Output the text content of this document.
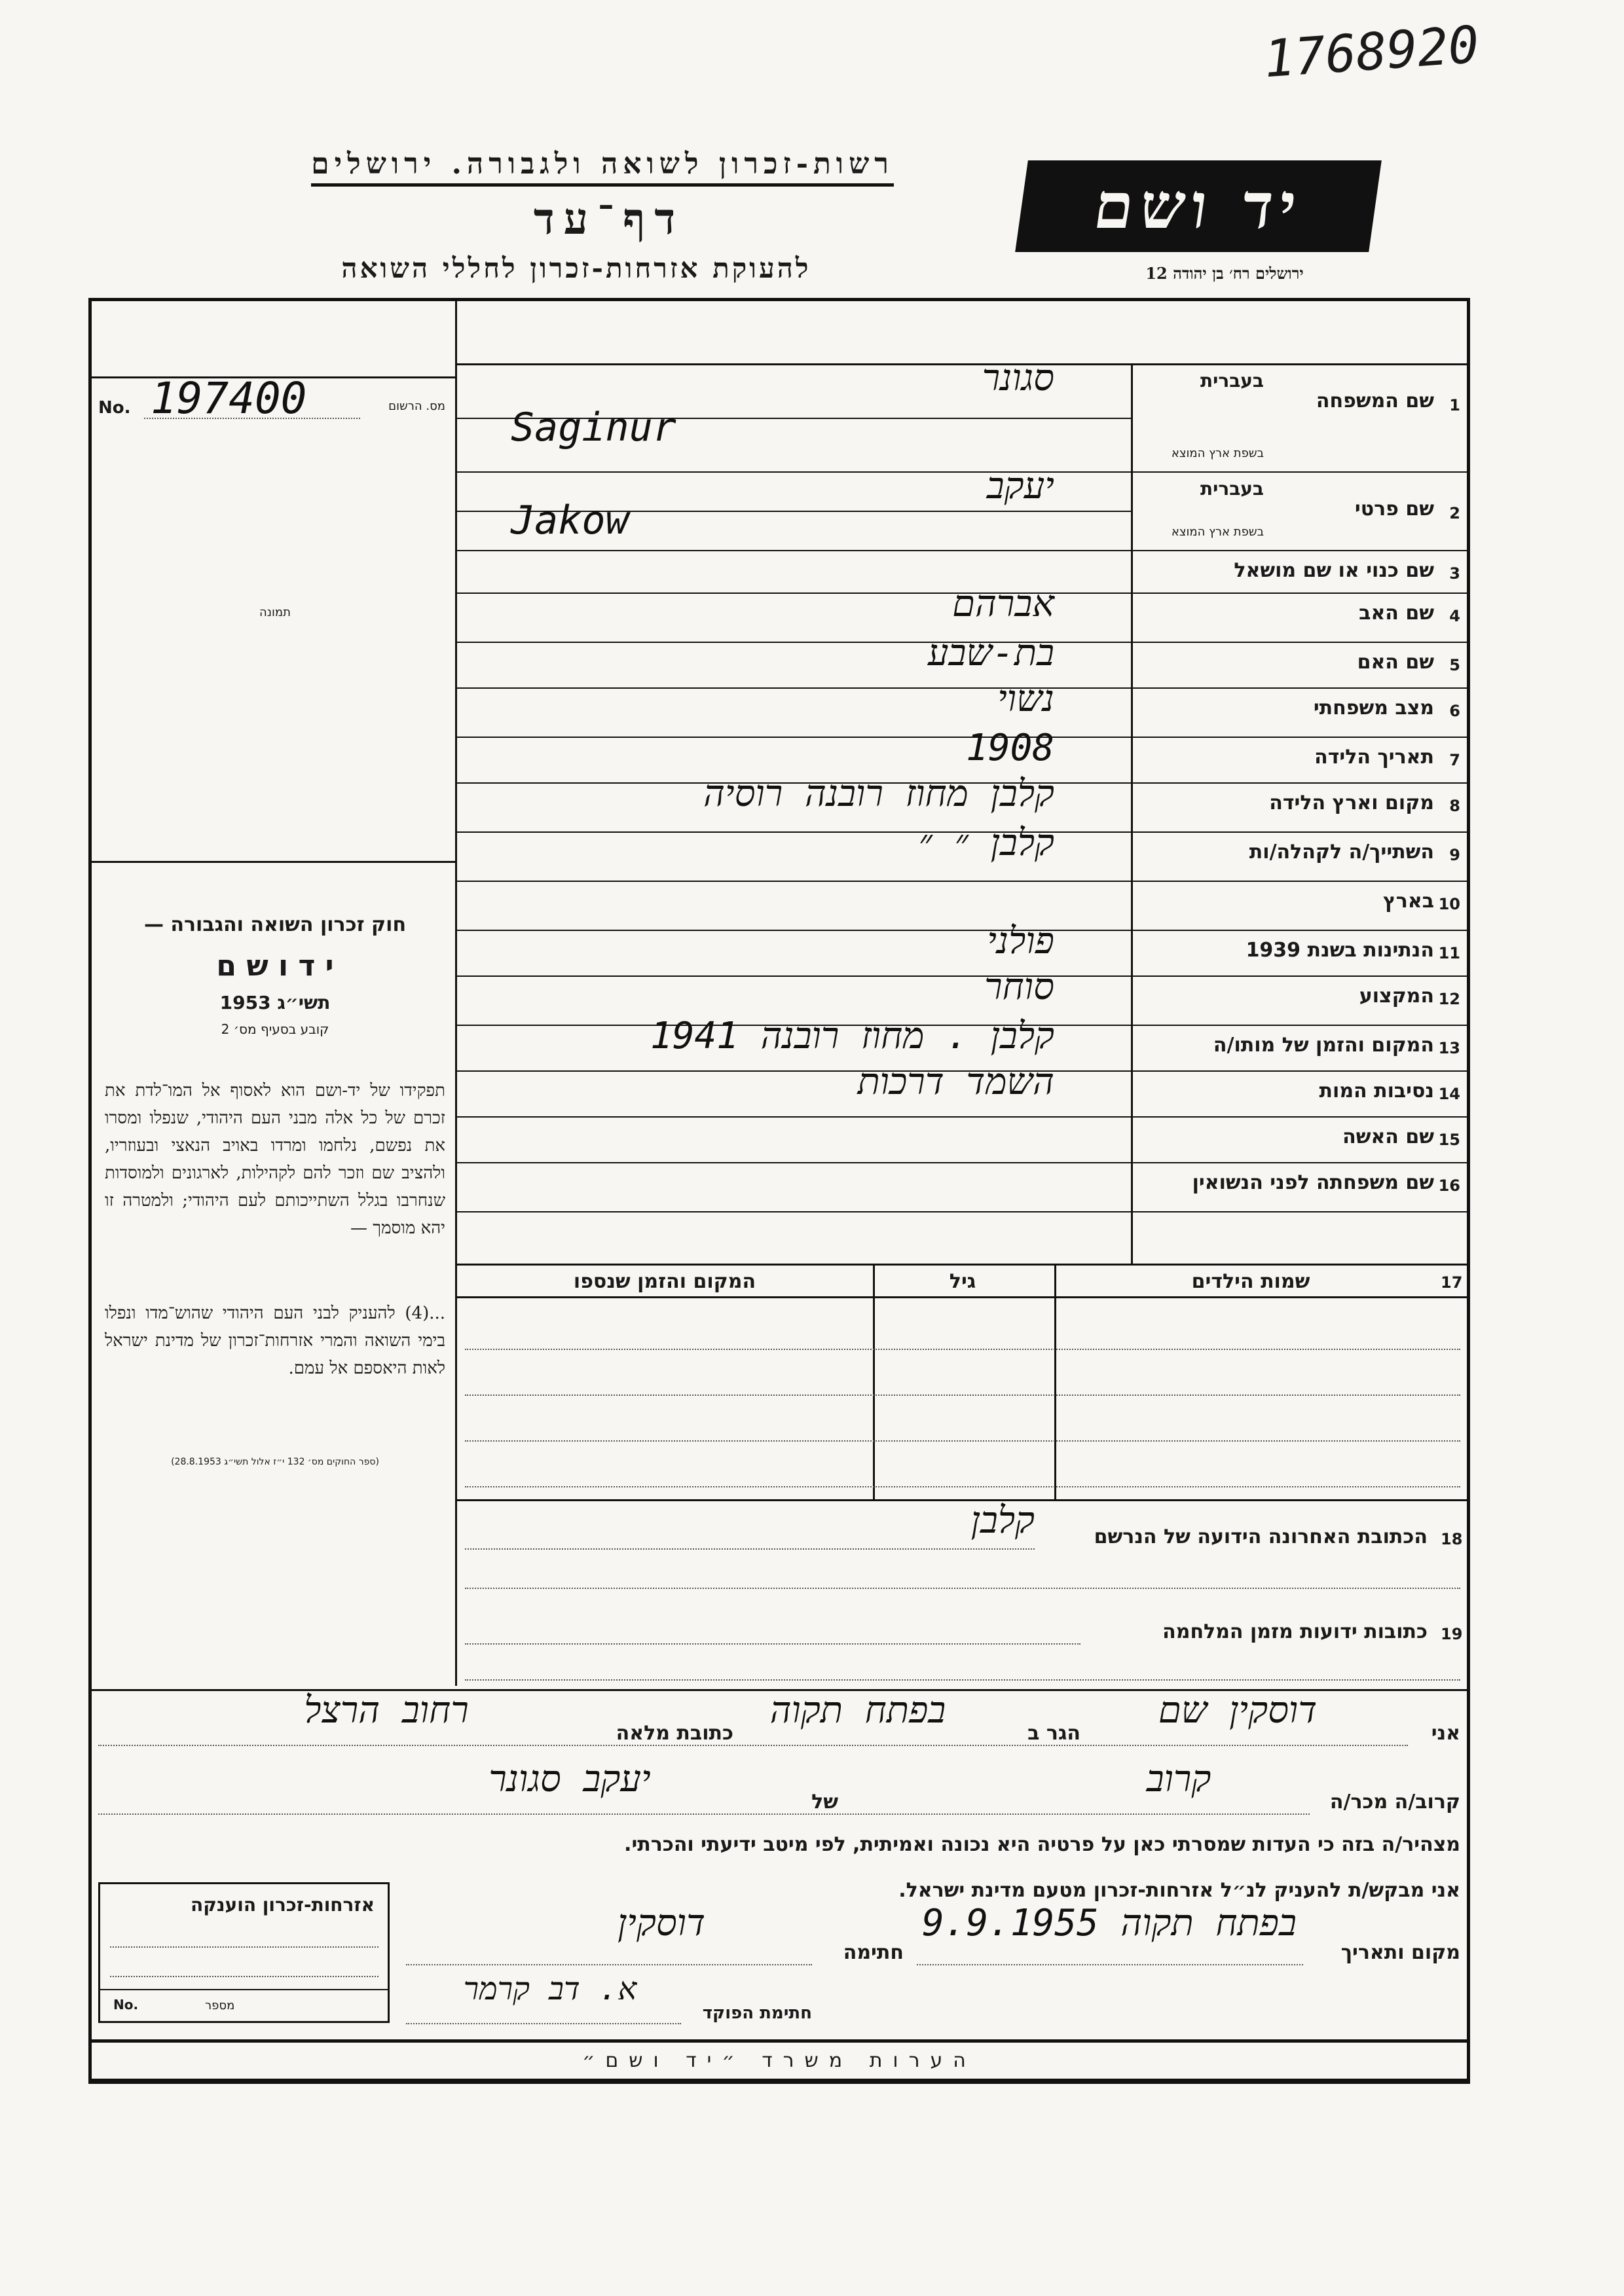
1768920
רשות-זכרון לשואה ולגבורה. ירושלים
דף־עד
להעוקת אזרחות-זכרון לחללי השואה
יד ושם
ירושלים רח׳ בן יהודה 12
No. 197400	מס. הרשום
תמונה
חוק זכרון השואה והגבורה —
י ד ו ש ם
תשי״ג 1953
קובע בסעיף מס׳ 2
תפקידו של יד-ושם הוא לאסוף אל המו־לדת את זכרם של כל אלה מבני העם היהודי, שנפלו ומסרו את נפשם, נלחמו ומרדו באויב הנאצי ובעוזריו, ולהציב שם וזכר להם לקהילות, לארגונים ולמוסדות שנחרבו בגלל השתייכותם לעם היהודי; ולמטרה זו יהא מוסמך —
...(4) להעניק לבני העם היהודי שהוש־מדו ונפלו בימי השואה והמרי אזרחות־זכרון של מדינת ישראל לאות היאספם אל עמם.
(ספר החוקים מס׳ 132 י״ז אלול תשי״ג 28.8.1953)
1
שם המשפחה
בעברית
בשפת ארץ המוצא
סגונר
Saginur
2
שם פרטי
בעברית
בשפת ארץ המוצא
יעקב
Jakow
3
שם כנוי או שם מושאל
4
שם האב
אברהם
5
שם האם
בת-שבע
6
מצב משפחתי
נשוי
7
תאריך הלידה
1908
8
מקום וארץ הלידה
קלבן מחוז רובנה רוסיה
9
השתייך/ה לקהלה/ות
קלבן ״ ״
10
בארץ
11
הנתינות בשנת 1939
פולני
12
המקצוע
סוחר
13
המקום והזמן של מותו/ה
קלבן . מחוז רובנה 1941
14
נסיבות המות
השמד דרכות
15
שם האשה
16
שם משפחתה לפני הנשואין
17
שמות הילדים
גיל
המקום והזמן שנספו
18
הכתובת האחרונה הידועה של הנרשם
קלבן
19
כתובות ידועות מזמן המלחמה
אני
דוסקין שם
הגר ב
בפתח תקוה
כתובת מלאה
רחוב הרצל
קרוב/ה מכר/ה
קרוב
של
יעקב סגונר
מצהיר/ה בזה כי העדות שמסרתי כאן על פרטיה היא נכונה ואמיתית, לפי מיטב ידיעתי והכרתי.
אני מבקש/ת להעניק לנ״ל אזרחות-זכרון מטעם מדינת ישראל.
אזרחות-זכרון הוענקה
No.	מספר
מקום ותאריך
בפתח תקוה 9.9.1955
חתימה
דוסקין
חתימת הפוקד
א. דב קרמר
הערות משרד ״יד ושם״
